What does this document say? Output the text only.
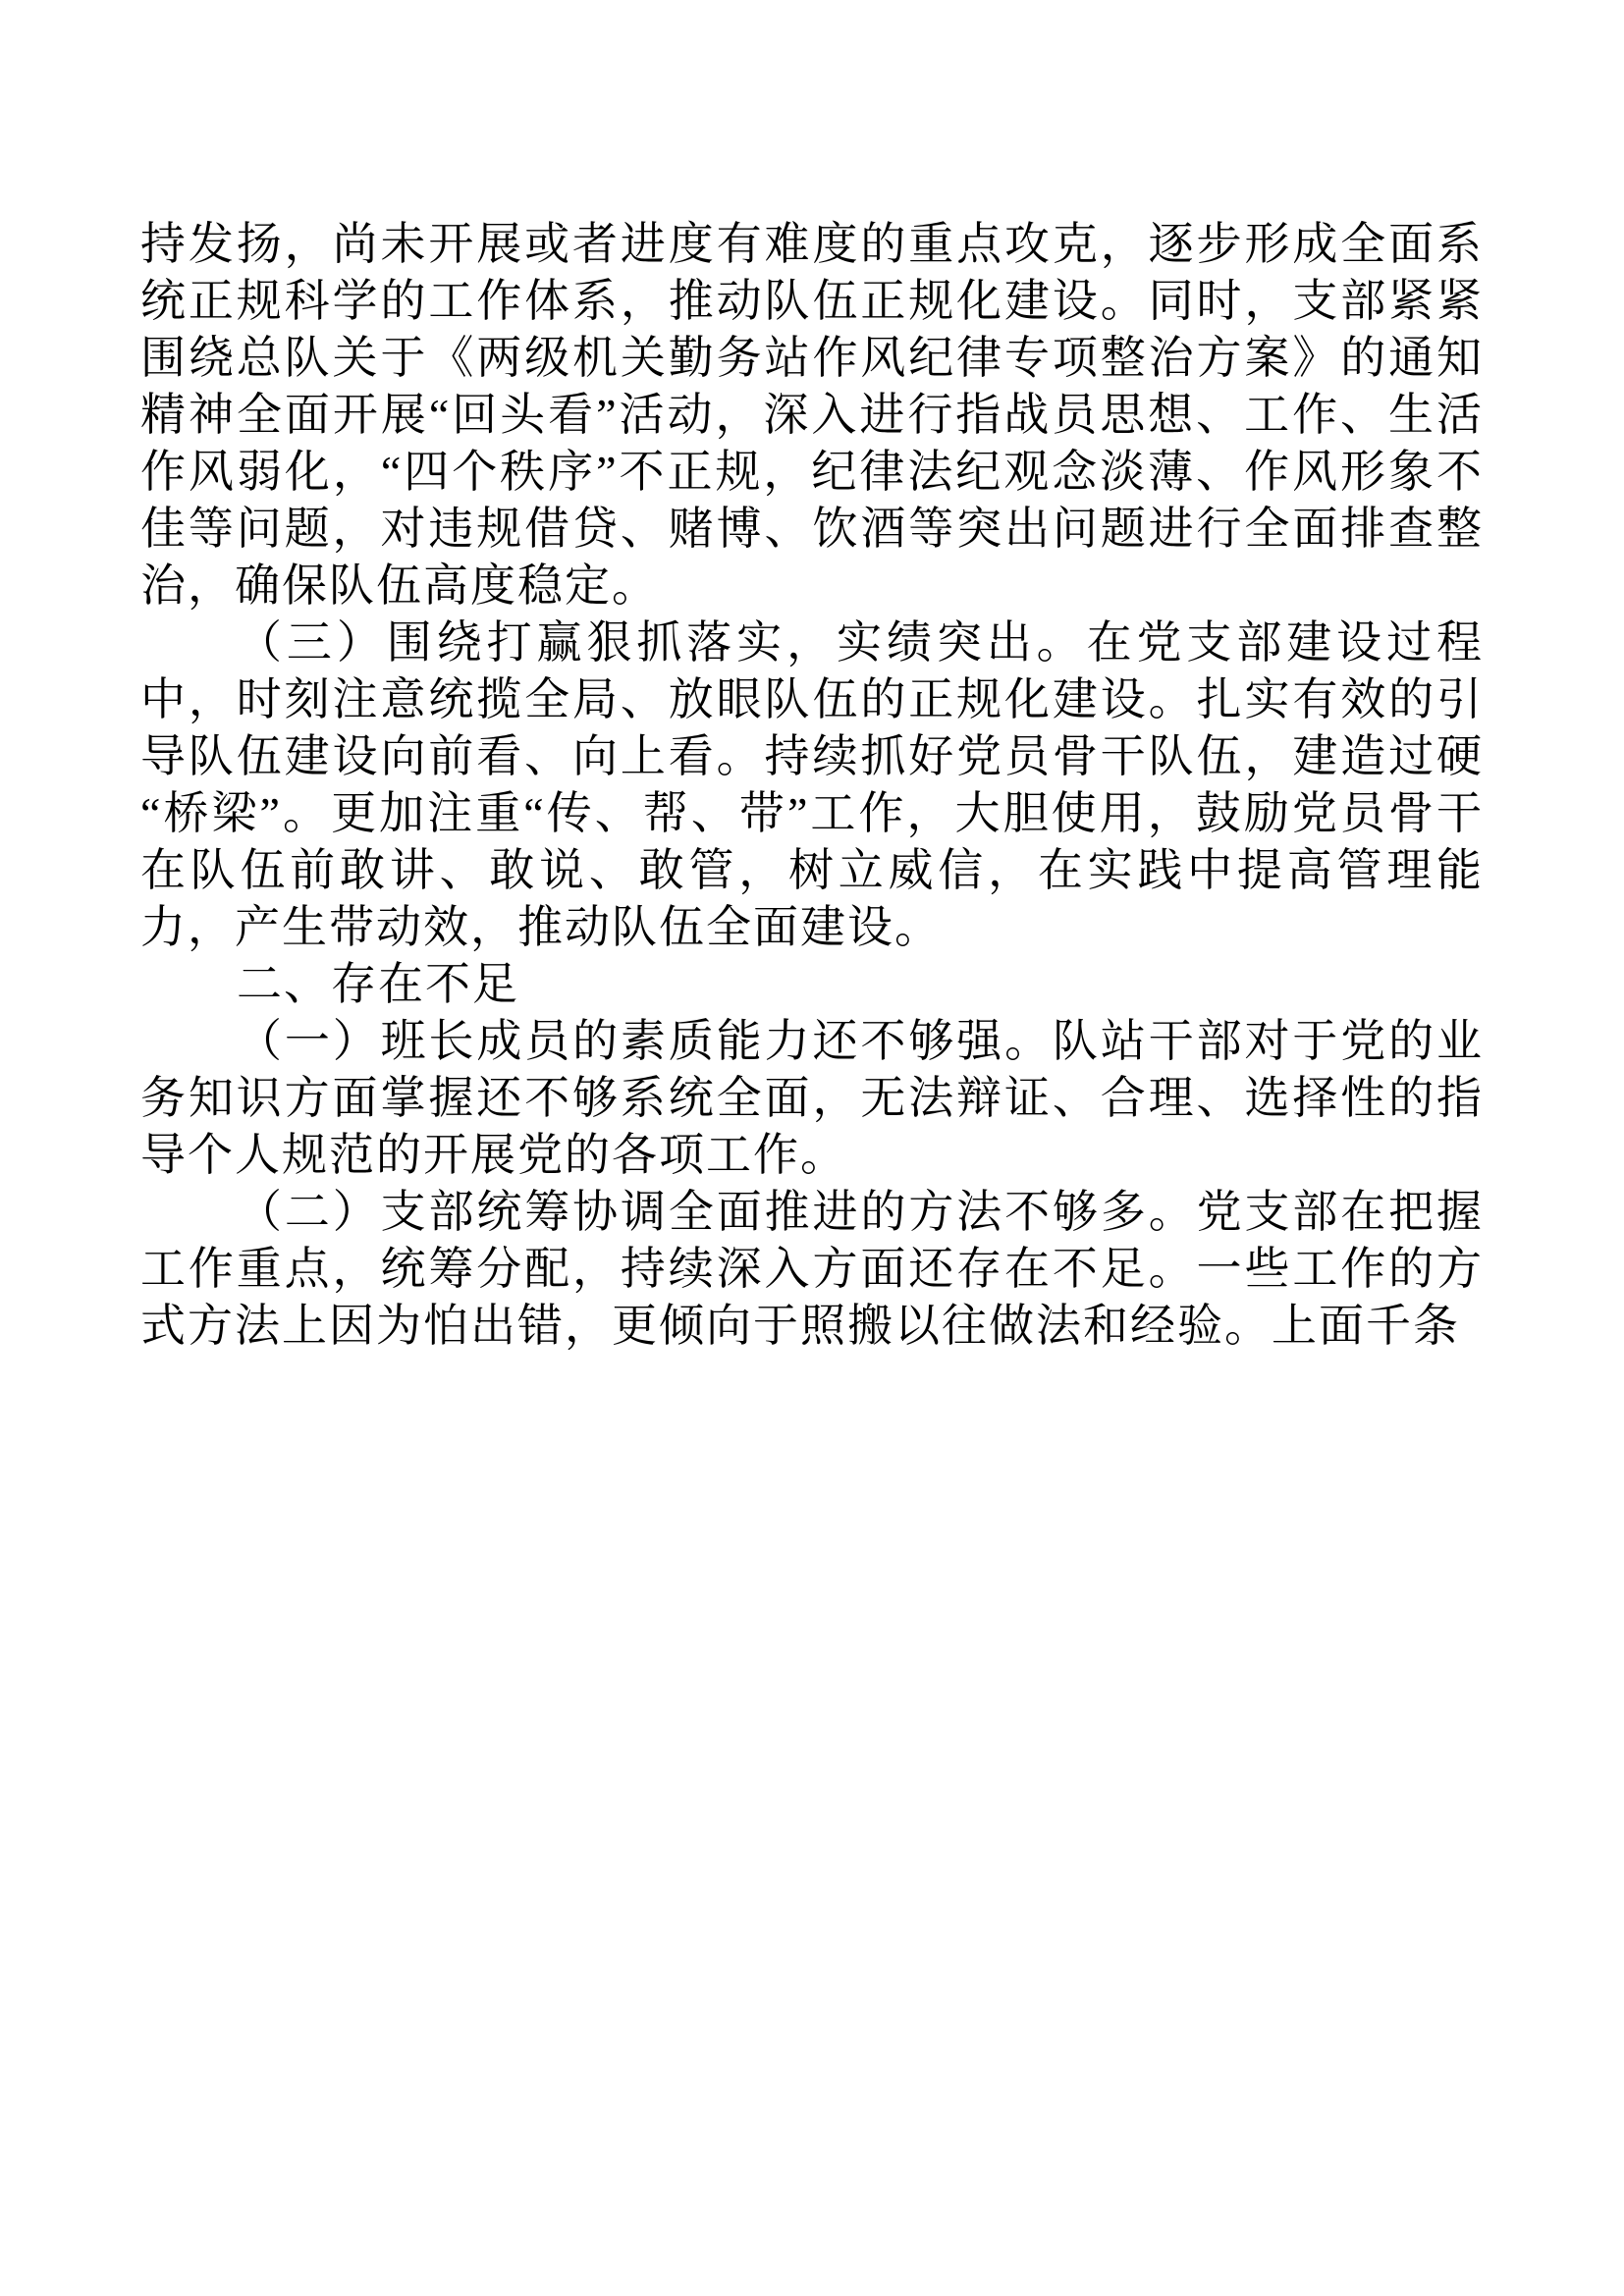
持发扬，尚未开展或者进度有难度的重点攻克，逐步形成全面系统正规科学的工作体系，推动队伍正规化建设。同时，支部紧紧围绕总队关于《两级机关勤务站作风纪律专项整治方案》的通知精神全面开展“回头看”活动，深入进行指战员思想、工作、生活作风弱化，“四个秩序”不正规，纪律法纪观念淡薄、作风形象不佳等问题，对违规借贷、赌博、饮酒等突出问题进行全面排查整治，确保队伍高度稳定。

（三）围绕打赢狠抓落实，实绩突出。在党支部建设过程中，时刻注意统揽全局、放眼队伍的正规化建设。扎实有效的引导队伍建设向前看、向上看。持续抓好党员骨干队伍，建造过硬“桥梁”。更加注重“传、帮、带”工作，大胆使用，鼓励党员骨干在队伍前敢讲、敢说、敢管，树立威信，在实践中提高管理能力，产生带动效，推动队伍全面建设。

二、存在不足

（一）班长成员的素质能力还不够强。队站干部对于党的业务知识方面掌握还不够系统全面，无法辩证、合理、选择性的指导个人规范的开展党的各项工作。

（二）支部统筹协调全面推进的方法不够多。党支部在把握工作重点，统筹分配，持续深入方面还存在不足。一些工作的方式方法上因为怕出错，更倾向于照搬以往做法和经验。上面千条
